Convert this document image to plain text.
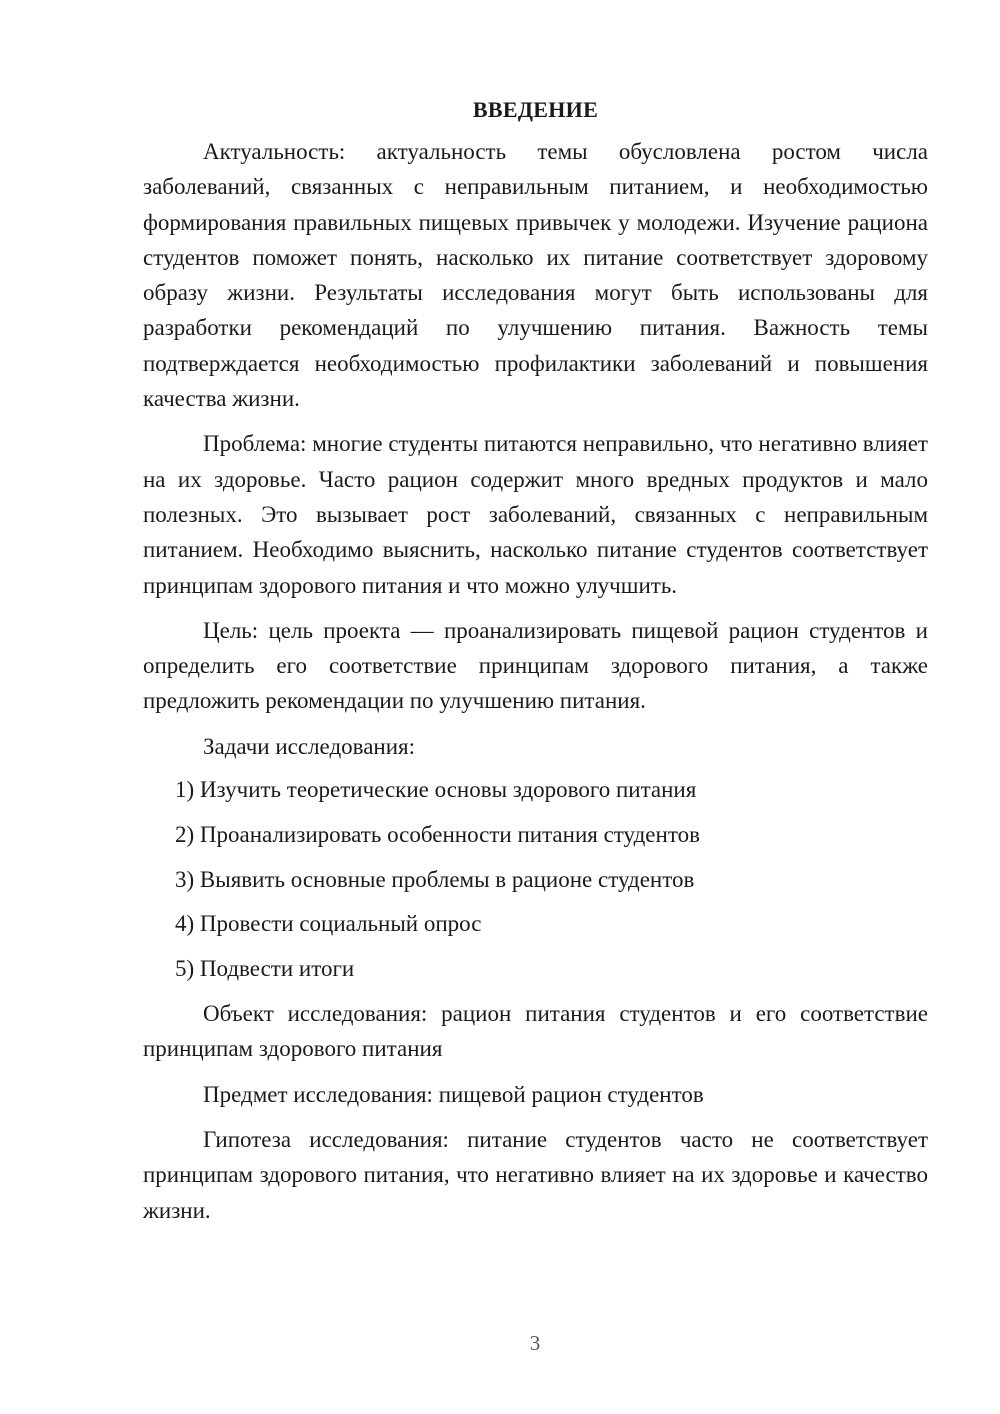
ВВЕДЕНИЕ

Актуальность: актуальность темы обусловлена ростом числа заболеваний, связанных с неправильным питанием, и необходимостью формирования правильных пищевых привычек у молодежи. Изучение рациона студентов поможет понять, насколько их питание соответствует здоровому образу жизни. Результаты исследования могут быть использованы для разработки рекомендаций по улучшению питания. Важность темы подтверждается необходимостью профилактики заболеваний и повышения качества жизни.

Проблема: многие студенты питаются неправильно, что негативно влияет на их здоровье. Часто рацион содержит много вредных продуктов и мало полезных. Это вызывает рост заболеваний, связанных с неправильным питанием. Необходимо выяснить, насколько питание студентов соответствует принципам здорового питания и что можно улучшить.

Цель: цель проекта — проанализировать пищевой рацион студентов и определить его соответствие принципам здорового питания, а также предложить рекомендации по улучшению питания.

Задачи исследования:

1) Изучить теоретические основы здорового питания
2) Проанализировать особенности питания студентов
3) Выявить основные проблемы в рационе студентов
4) Провести социальный опрос
5) Подвести итоги

Объект исследования: рацион питания студентов и его соответствие принципам здорового питания

Предмет исследования: пищевой рацион студентов

Гипотеза исследования: питание студентов часто не соответствует принципам здорового питания, что негативно влияет на их здоровье и качество жизни.

3
